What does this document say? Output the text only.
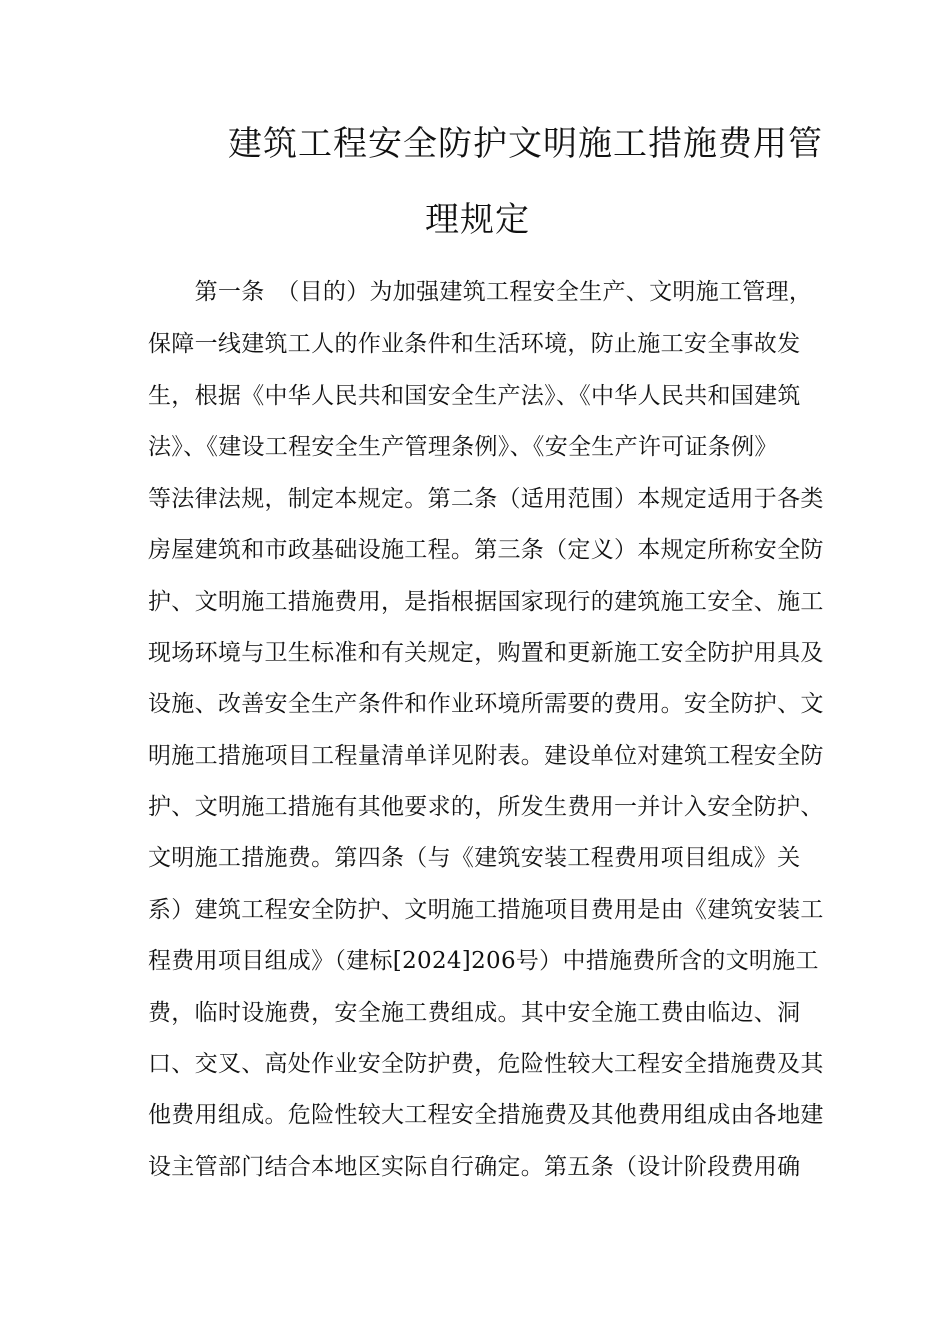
建筑工程安全防护文明施工措施费用管
理规定
　　第一条　（目的）为加强建筑工程安全生产、文明施工管理，
保障一线建筑工人的作业条件和生活环境，防止施工安全事故发
生，根据《中华人民共和国安全生产法》、《中华人民共和国建筑
法》、《建设工程安全生产管理条例》、《安全生产许可证条例》
等法律法规，制定本规定。第二条（适用范围）本规定适用于各类
房屋建筑和市政基础设施工程。第三条（定义）本规定所称安全防
护、文明施工措施费用，是指根据国家现行的建筑施工安全、施工
现场环境与卫生标准和有关规定，购置和更新施工安全防护用具及
设施、改善安全生产条件和作业环境所需要的费用。安全防护、文
明施工措施项目工程量清单详见附表。建设单位对建筑工程安全防
护、文明施工措施有其他要求的，所发生费用一并计入安全防护、
文明施工措施费。第四条（与《建筑安装工程费用项目组成》关
系）建筑工程安全防护、文明施工措施项目费用是由《建筑安装工
程费用项目组成》（建标[2024]206号）中措施费所含的文明施工
费，临时设施费，安全施工费组成。其中安全施工费由临边、洞
口、交叉、高处作业安全防护费，危险性较大工程安全措施费及其
他费用组成。危险性较大工程安全措施费及其他费用组成由各地建
设主管部门结合本地区实际自行确定。第五条（设计阶段费用确
